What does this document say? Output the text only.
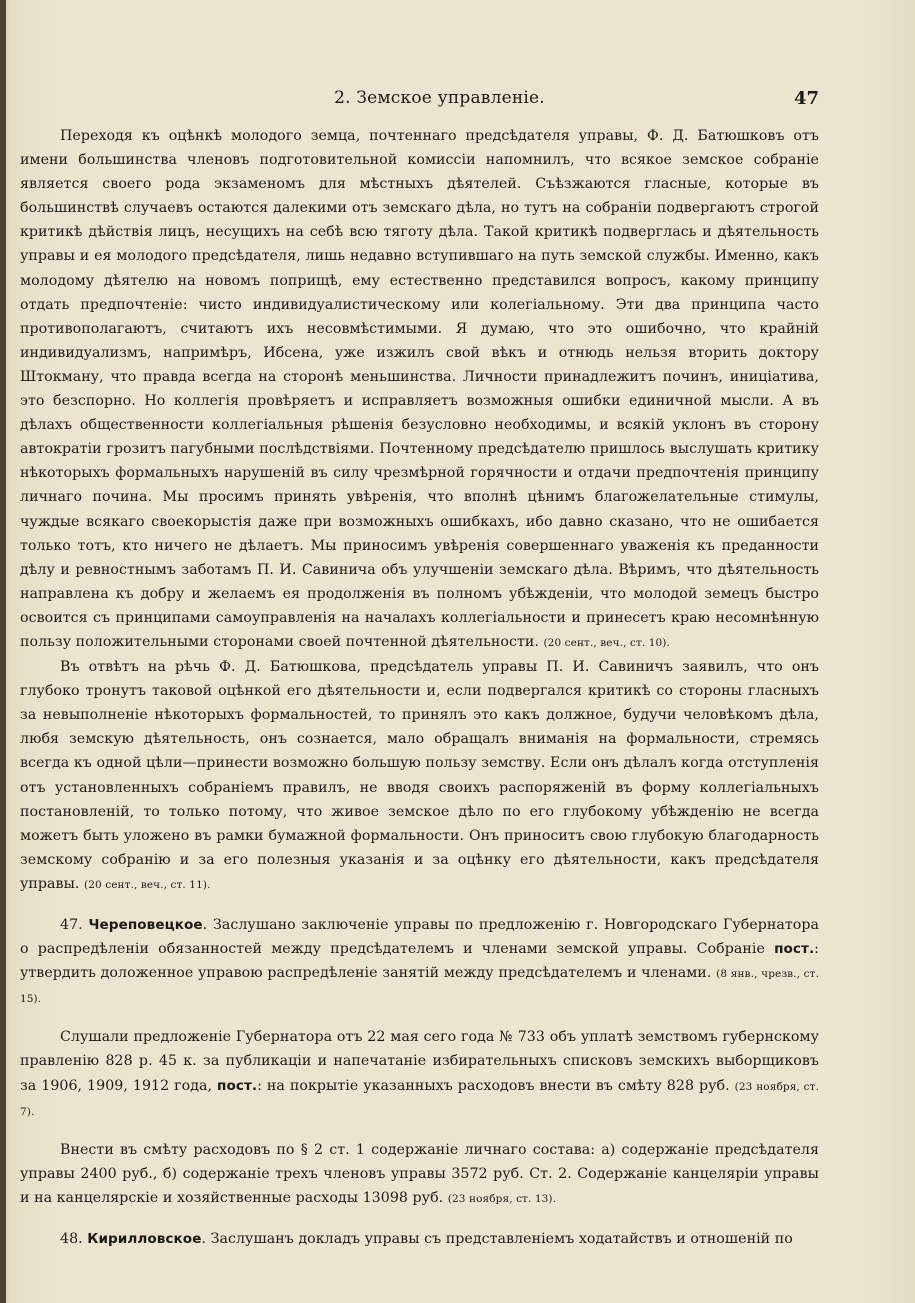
2. Земское управленіе.	47

Переходя къ оцѣнкѣ молодого земца, почтеннаго предсѣдателя управы, Ф. Д. Батюшковъ отъ имени большинства членовъ подготовительной комиссіи напомнилъ, что всякое земское собраніе является своего рода экзаменомъ для мѣстныхъ дѣятелей. Съѣзжаются гласные, которые въ большинствѣ случаевъ остаются далекими отъ земскаго дѣла, но тутъ на собраніи подвергаютъ строгой критикѣ дѣйствія лицъ, несущихъ на себѣ всю тяготу дѣла. Такой критикѣ подверглась и дѣятельность управы и ея молодого предсѣдателя, лишь недавно вступившаго на путь земской службы. Именно, какъ молодому дѣятелю на новомъ поприщѣ, ему естественно представился вопросъ, какому принципу отдать предпочтеніе: чисто индивидуалистическому или колегіальному. Эти два принципа часто противополагаютъ, считаютъ ихъ несовмѣстимыми. Я думаю, что это ошибочно, что крайній индивидуализмъ, напримѣръ, Ибсена, уже изжилъ свой вѣкъ и отнюдь нельзя вторить доктору Штокману, что правда всегда на сторонѣ меньшинства. Личности принадлежитъ починъ, иниціатива, это безспорно. Но коллегія провѣряетъ и исправляетъ возможныя ошибки единичной мысли. А въ дѣлахъ общественности коллегіальныя рѣшенія безусловно необходимы, и всякій уклонъ въ сторону автократіи грозитъ пагубными послѣдствіями. Почтенному предсѣдателю пришлось выслушать критику нѣкоторыхъ формальныхъ нарушеній въ силу чрезмѣрной горячности и отдачи предпочтенія принципу личнаго почина. Мы просимъ принять увѣренія, что вполнѣ цѣнимъ благожелательные стимулы, чуждые всякаго своекорыстія даже при возможныхъ ошибкахъ, ибо давно сказано, что не ошибается только тотъ, кто ничего не дѣлаетъ. Мы приносимъ увѣренія совершеннаго уваженія къ преданности дѣлу и ревностнымъ заботамъ П. И. Савинича объ улучшеніи земскаго дѣла. Вѣримъ, что дѣятельность направлена къ добру и желаемъ ея продолженія въ полномъ убѣжденіи, что молодой земецъ быстро освоится съ принципами самоуправленія на началахъ коллегіальности и принесетъ краю несомнѣнную пользу положительными сторонами своей почтенной дѣятельности. (20 сент., веч., ст. 10).

Въ отвѣтъ на рѣчь Ф. Д. Батюшкова, предсѣдатель управы П. И. Савиничъ заявилъ, что онъ глубоко тронутъ таковой оцѣнкой его дѣятельности и, если подвергался критикѣ со стороны гласныхъ за невыполненіе нѣкоторыхъ формальностей, то принялъ это какъ должное, будучи человѣкомъ дѣла, любя земскую дѣятельность, онъ сознается, мало обращалъ вниманія на формальности, стремясь всегда къ одной цѣли—принести возможно большую пользу земству. Если онъ дѣлалъ когда отступленія отъ установленныхъ собраніемъ правилъ, не вводя своихъ распоряженій въ форму коллегіальныхъ постановленій, то только потому, что живое земское дѣло по его глубокому убѣжденію не всегда можетъ быть уложено въ рамки бумажной формальности. Онъ приноситъ свою глубокую благодарность земскому собранію и за его полезныя указанія и за оцѣнку его дѣятельности, какъ предсѣдателя управы. (20 сент., веч., ст. 11).

47. Череповецкое. Заслушано заключеніе управы по предложенію г. Новгородскаго Губернатора о распредѣленіи обязанностей между предсѣдателемъ и членами земской управы. Собраніе пост.: утвердить доложенное управою распредѣленіе занятій между предсѣдателемъ и членами. (8 янв., чрезв., ст. 15).

Слушали предложеніе Губернатора отъ 22 мая сего года № 733 объ уплатѣ земствомъ губернскому правленію 828 р. 45 к. за публикаціи и напечатаніе избирательныхъ списковъ земскихъ выборщиковъ за 1906, 1909, 1912 года, пост.: на покрытіе указанныхъ расходовъ внести въ смѣту 828 руб. (23 ноября, ст. 7).

Внести въ смѣту расходовъ по § 2 ст. 1 содержаніе личнаго состава: а) содержаніе предсѣдателя управы 2400 руб., б) содержаніе трехъ членовъ управы 3572 руб. Ст. 2. Содержаніе канцеляріи управы и на канцелярскіе и хозяйственные расходы 13098 руб. (23 ноября, ст. 13).

48. Кирилловское. Заслушанъ докладъ управы съ представленіемъ ходатайствъ и отношеній по
